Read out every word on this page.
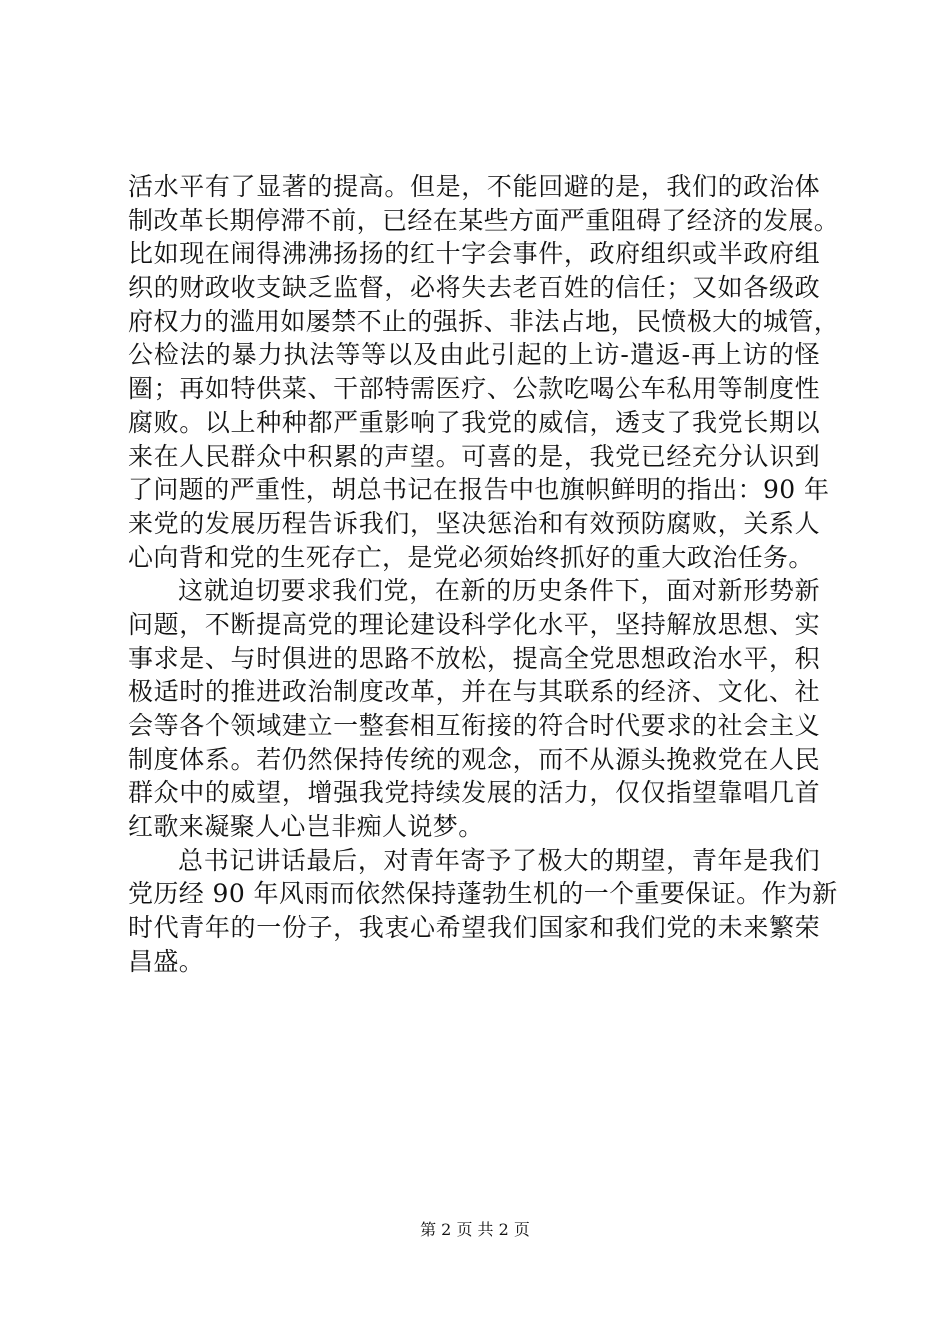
活水平有了显著的提高。但是，不能回避的是，我们的政治体
制改革长期停滞不前，已经在某些方面严重阻碍了经济的发展。
比如现在闹得沸沸扬扬的红十字会事件，政府组织或半政府组
织的财政收支缺乏监督，必将失去老百姓的信任；又如各级政
府权力的滥用如屡禁不止的强拆、非法占地，民愤极大的城管，
公检法的暴力执法等等以及由此引起的上访-遣返-再上访的怪
圈；再如特供菜、干部特需医疗、公款吃喝公车私用等制度性
腐败。以上种种都严重影响了我党的威信，透支了我党长期以
来在人民群众中积累的声望。可喜的是，我党已经充分认识到
了问题的严重性，胡总书记在报告中也旗帜鲜明的指出：90 年
来党的发展历程告诉我们，坚决惩治和有效预防腐败，关系人
心向背和党的生死存亡，是党必须始终抓好的重大政治任务。
这就迫切要求我们党，在新的历史条件下，面对新形势新
问题，不断提高党的理论建设科学化水平，坚持解放思想、实
事求是、与时俱进的思路不放松，提高全党思想政治水平，积
极适时的推进政治制度改革，并在与其联系的经济、文化、社
会等各个领域建立一整套相互衔接的符合时代要求的社会主义
制度体系。若仍然保持传统的观念，而不从源头挽救党在人民
群众中的威望，增强我党持续发展的活力，仅仅指望靠唱几首
红歌来凝聚人心岂非痴人说梦。
总书记讲话最后，对青年寄予了极大的期望，青年是我们
党历经 90 年风雨而依然保持蓬勃生机的一个重要保证。作为新
时代青年的一份子，我衷心希望我们国家和我们党的未来繁荣
昌盛。
第 2 页 共 2 页
